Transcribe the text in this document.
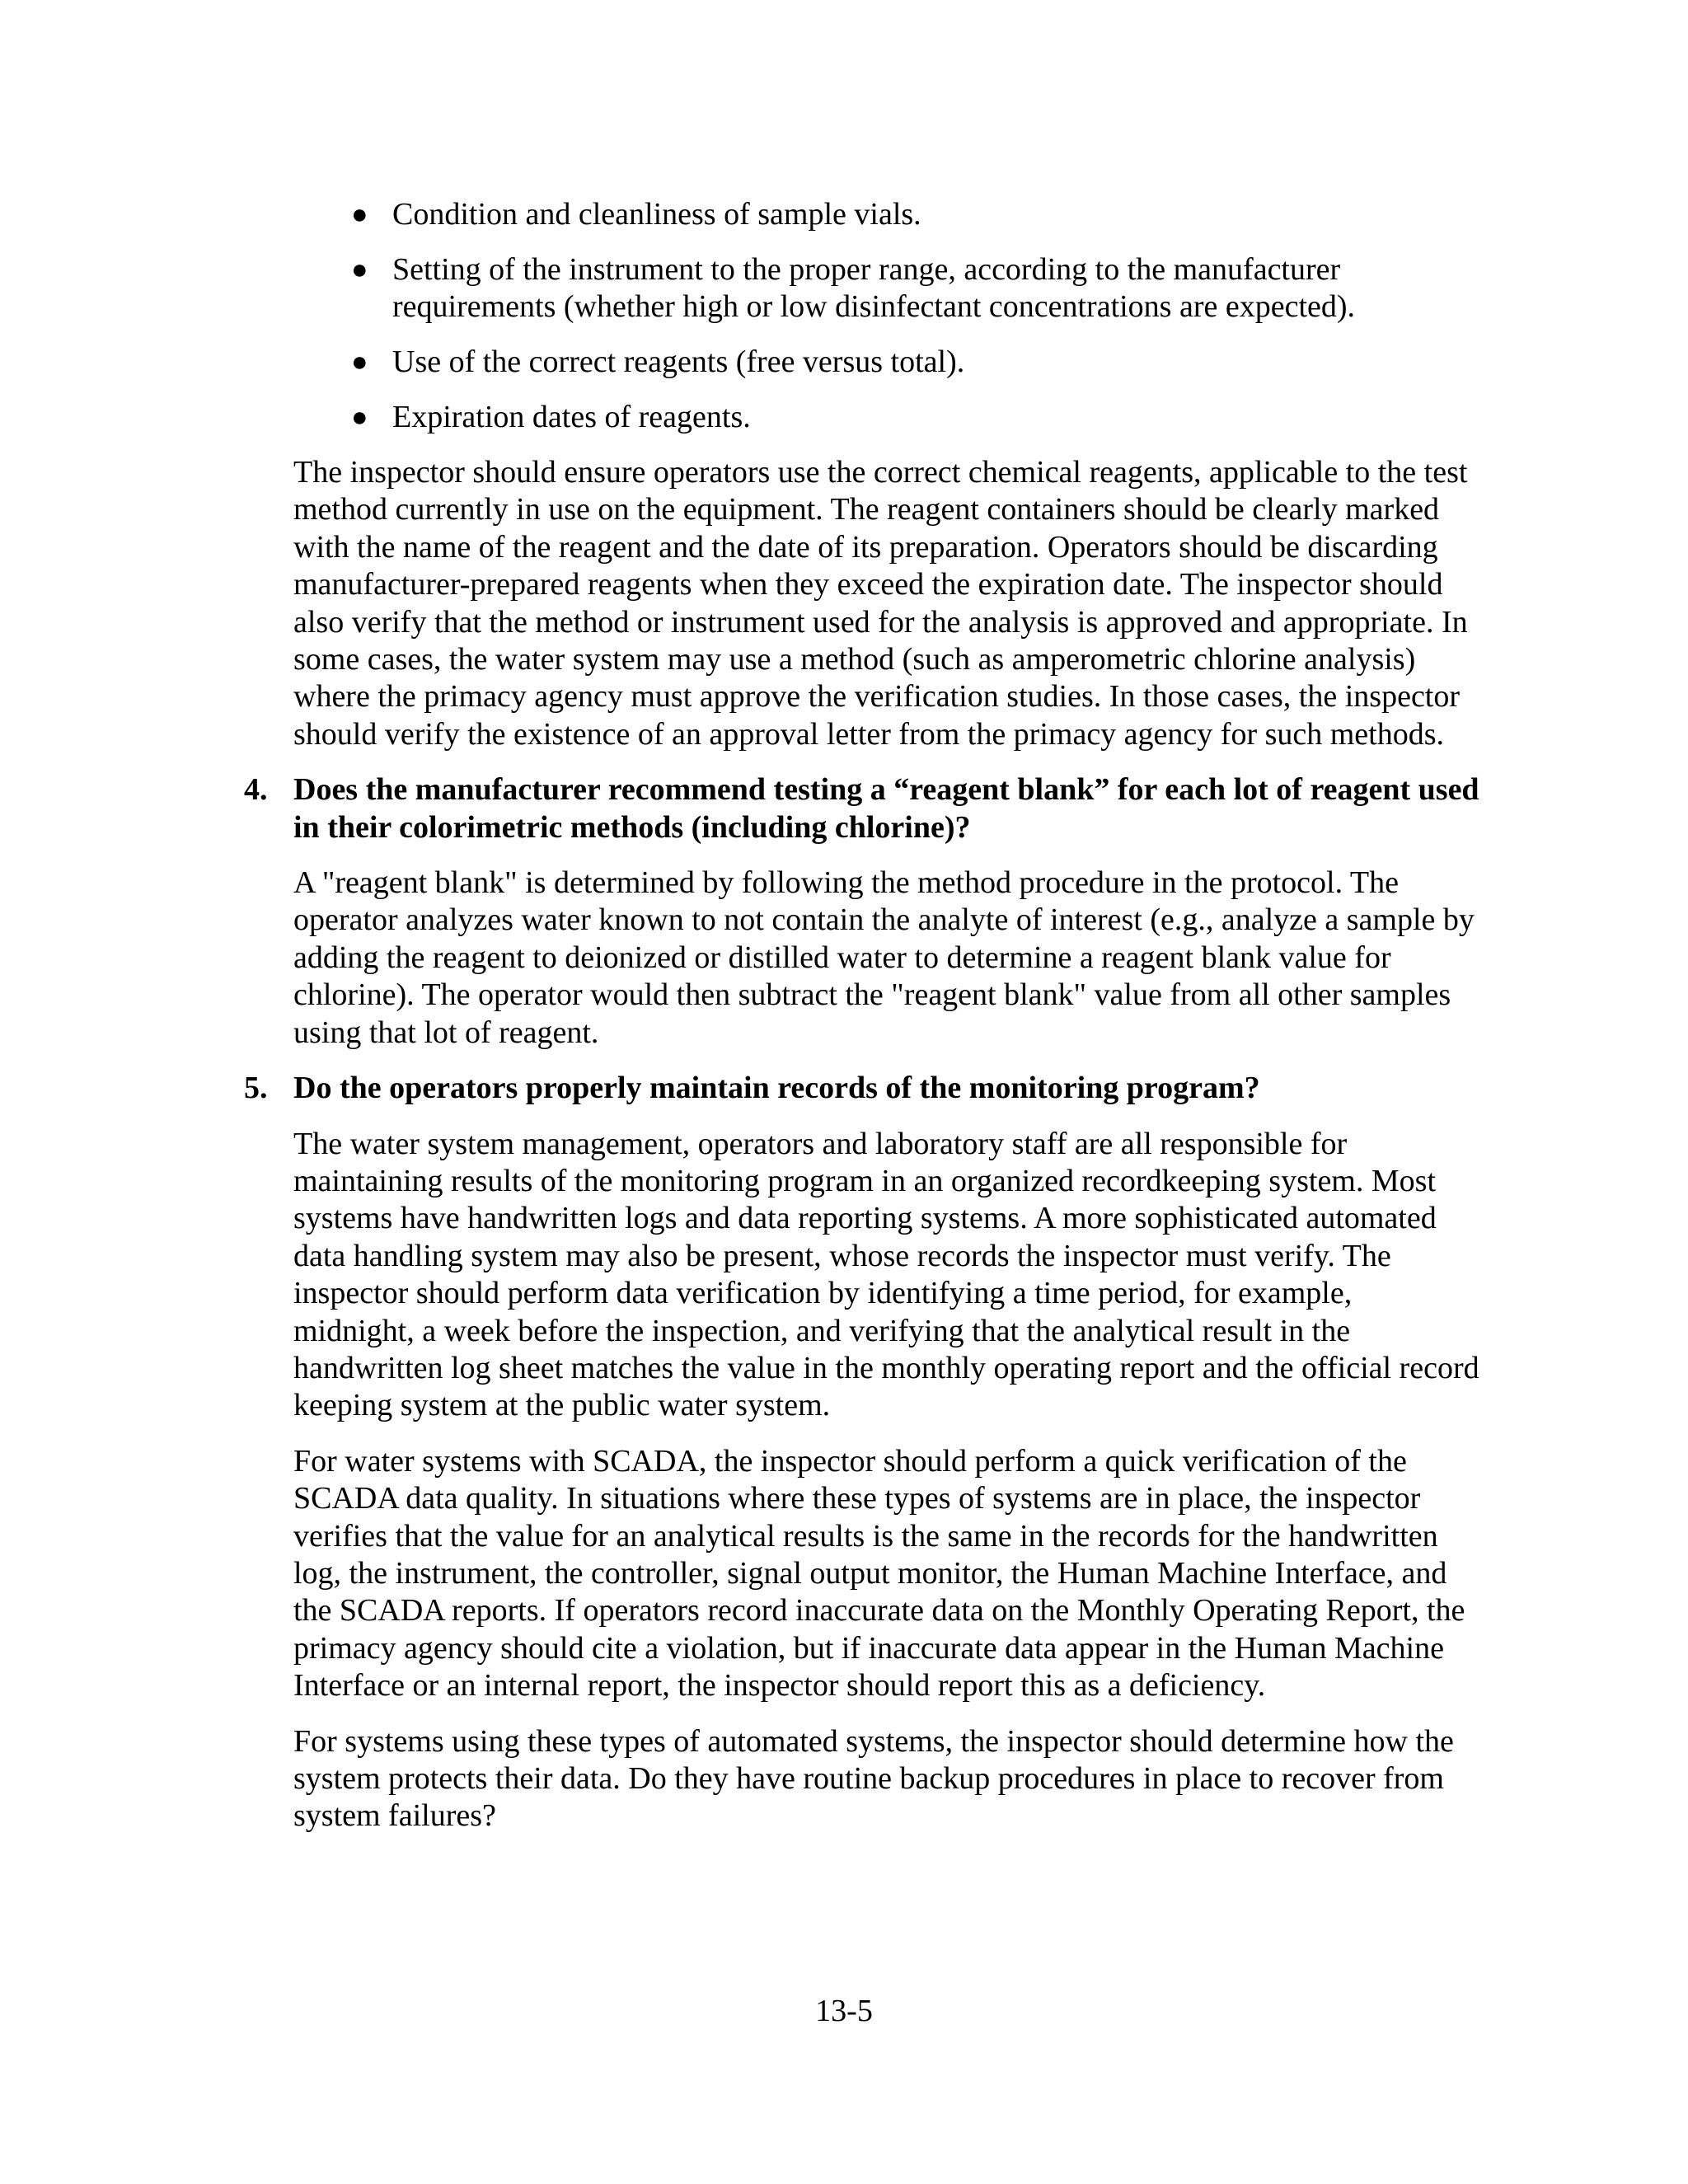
● Condition and cleanliness of sample vials.
● Setting of the instrument to the proper range, according to the manufacturer requirements (whether high or low disinfectant concentrations are expected).
● Use of the correct reagents (free versus total).
● Expiration dates of reagents.

The inspector should ensure operators use the correct chemical reagents, applicable to the test method currently in use on the equipment. The reagent containers should be clearly marked with the name of the reagent and the date of its preparation. Operators should be discarding manufacturer-prepared reagents when they exceed the expiration date. The inspector should also verify that the method or instrument used for the analysis is approved and appropriate. In some cases, the water system may use a method (such as amperometric chlorine analysis) where the primacy agency must approve the verification studies. In those cases, the inspector should verify the existence of an approval letter from the primacy agency for such methods.

4. Does the manufacturer recommend testing a “reagent blank” for each lot of reagent used in their colorimetric methods (including chlorine)?

A "reagent blank" is determined by following the method procedure in the protocol. The operator analyzes water known to not contain the analyte of interest (e.g., analyze a sample by adding the reagent to deionized or distilled water to determine a reagent blank value for chlorine). The operator would then subtract the "reagent blank" value from all other samples using that lot of reagent.

5. Do the operators properly maintain records of the monitoring program?

The water system management, operators and laboratory staff are all responsible for maintaining results of the monitoring program in an organized recordkeeping system. Most systems have handwritten logs and data reporting systems. A more sophisticated automated data handling system may also be present, whose records the inspector must verify. The inspector should perform data verification by identifying a time period, for example, midnight, a week before the inspection, and verifying that the analytical result in the handwritten log sheet matches the value in the monthly operating report and the official record keeping system at the public water system.

For water systems with SCADA, the inspector should perform a quick verification of the SCADA data quality. In situations where these types of systems are in place, the inspector verifies that the value for an analytical results is the same in the records for the handwritten log, the instrument, the controller, signal output monitor, the Human Machine Interface, and the SCADA reports. If operators record inaccurate data on the Monthly Operating Report, the primacy agency should cite a violation, but if inaccurate data appear in the Human Machine Interface or an internal report, the inspector should report this as a deficiency.

For systems using these types of automated systems, the inspector should determine how the system protects their data. Do they have routine backup procedures in place to recover from system failures?

13-5
